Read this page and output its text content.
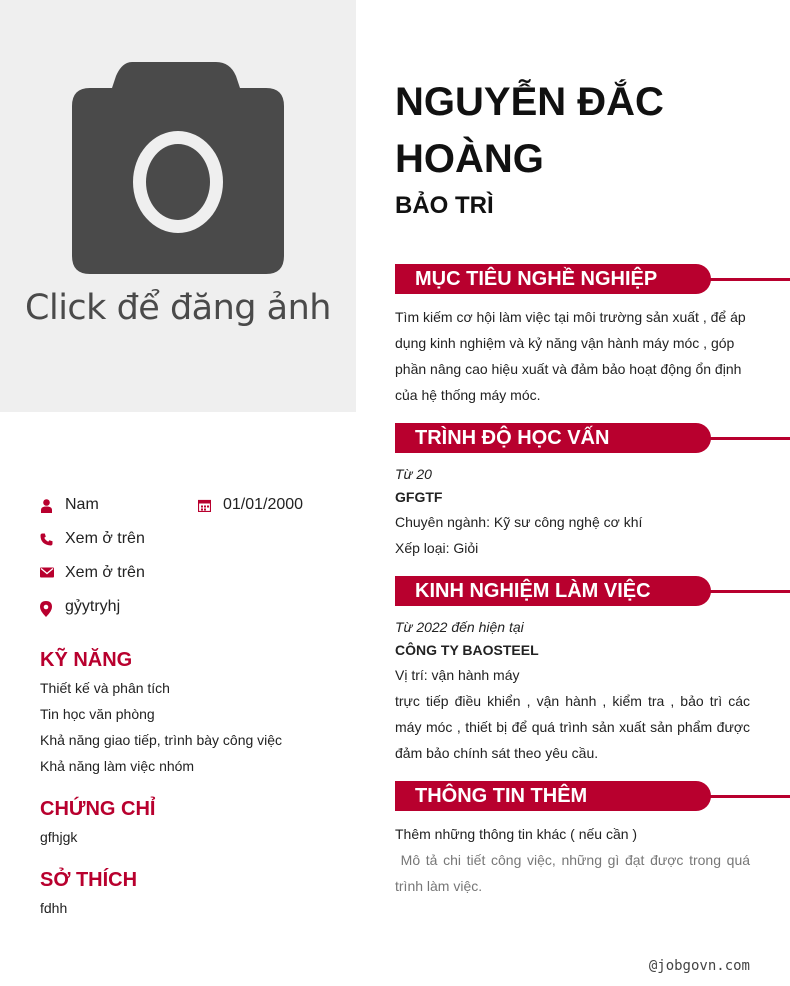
Click để đăng ảnh
Nam	01/01/2000
Xem ở trên
Xem ở trên
gỷytryhj
KỸ NĂNG
Thiết kế và phân tích
Tin học văn phòng
Khả năng giao tiếp, trình bày công việc
Khả năng làm việc nhóm
CHỨNG CHỈ
gfhjgk
SỞ THÍCH
fdhh
NGUYỄN ĐẮC HOÀNG
BẢO TRÌ
MỤC TIÊU NGHỀ NGHIỆP
Tìm kiếm cơ hội làm việc tại môi trường sản xuất , để áp dụng kinh nghiệm và kỷ năng vận hành máy móc , góp phần nâng cao hiệu xuất và đảm bảo hoạt động ổn định của hệ thống máy móc.
TRÌNH ĐỘ HỌC VẤN
Từ 20
GFGTF
Chuyên ngành: Kỹ sư công nghệ cơ khí
Xếp loại: Giỏi
KINH NGHIỆM LÀM VIỆC
Từ 2022 đến hiện tại
CÔNG TY BAOSTEEL
Vị trí: vận hành máy
trực tiếp điều khiển , vận hành , kiểm tra , bảo trì các máy móc , thiết bị để quá trình sản xuất sản phẩm được đảm bảo chính sát theo yêu cầu.
THÔNG TIN THÊM
Thêm những thông tin khác ( nếu cần )
Mô tả chi tiết công việc, những gì đạt được trong quá trình làm việc.
@jobgovn.com
